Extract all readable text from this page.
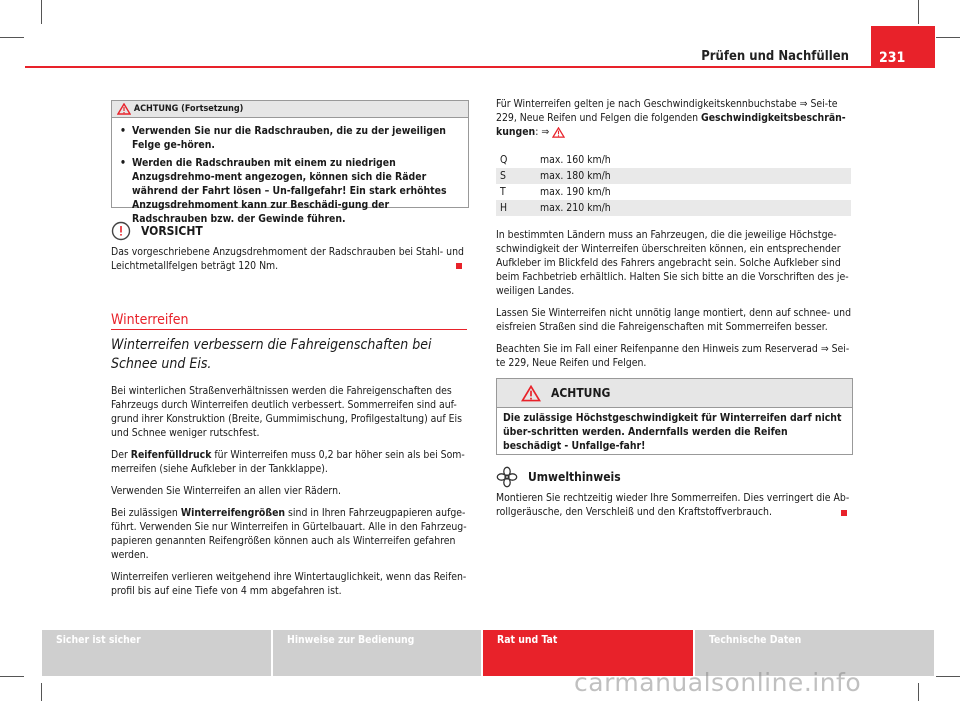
231
Prüfen und Nachfüllen
ACHTUNG (Fortsetzung)
• Verwenden Sie nur die Radschrauben, die zu der jeweiligen Felge ge-hören.
• Werden die Radschrauben mit einem zu niedrigen Anzugsdrehmo-ment angezogen, können sich die Räder während der Fahrt lösen – Un-fallgefahr! Ein stark erhöhtes Anzugsdrehmoment kann zur Beschädi-gung der Radschrauben bzw. der Gewinde führen.
VORSICHT
Das vorgeschriebene Anzugsdrehmoment der Radschrauben bei Stahl- und Leichtmetallfelgen beträgt 120 Nm.
Winterreifen
Winterreifen verbessern die Fahreigenschaften bei Schnee und Eis.

Bei winterlichen Straßenverhältnissen werden die Fahreigenschaften des Fahrzeugs durch Winterreifen deutlich verbessert. Sommerreifen sind auf-grund ihrer Konstruktion (Breite, Gummimischung, Profilgestaltung) auf Eis und Schnee weniger rutschfest.

Der Reifenfülldruck für Winterreifen muss 0,2 bar höher sein als bei Som-merreifen (siehe Aufkleber in der Tankklappe).

Verwenden Sie Winterreifen an allen vier Rädern.

Bei zulässigen Winterreifengrößen sind in Ihren Fahrzeugpapieren aufge-führt. Verwenden Sie nur Winterreifen in Gürtelbauart. Alle in den Fahrzeug-papieren genannten Reifengrößen können auch als Winterreifen gefahren werden.

Winterreifen verlieren weitgehend ihre Wintertauglichkeit, wenn das Reifen-profil bis auf eine Tiefe von 4 mm abgefahren ist.

Für Winterreifen gelten je nach Geschwindigkeitskennbuchstabe ⇒ Sei-te 229, Neue Reifen und Felgen die folgenden Geschwindigkeitsbeschrän-kungen: ⇒
Q	max. 160 km/h
S	max. 180 km/h
T	max. 190 km/h
H	max. 210 km/h

In bestimmten Ländern muss an Fahrzeugen, die die jeweilige Höchstge-schwindigkeit der Winterreifen überschreiten können, ein entsprechender Aufkleber im Blickfeld des Fahrers angebracht sein. Solche Aufkleber sind beim Fachbetrieb erhältlich. Halten Sie sich bitte an die Vorschriften des je-weiligen Landes.

Lassen Sie Winterreifen nicht unnötig lange montiert, denn auf schnee- und eisfreien Straßen sind die Fahreigenschaften mit Sommerreifen besser.

Beachten Sie im Fall einer Reifenpanne den Hinweis zum Reserverad ⇒ Sei-te 229, Neue Reifen und Felgen.

ACHTUNG
Die zulässige Höchstgeschwindigkeit für Winterreifen darf nicht über-schritten werden. Andernfalls werden die Reifen beschädigt - Unfallge-fahr!
Umwelthinweis
Montieren Sie rechtzeitig wieder Ihre Sommerreifen. Dies verringert die Ab-rollgeräusche, den Verschleiß und den Kraftstoffverbrauch.
Sicher ist sicher	Hinweise zur Bedienung	Rat und Tat	Technische Daten
carmanualsonline.info
